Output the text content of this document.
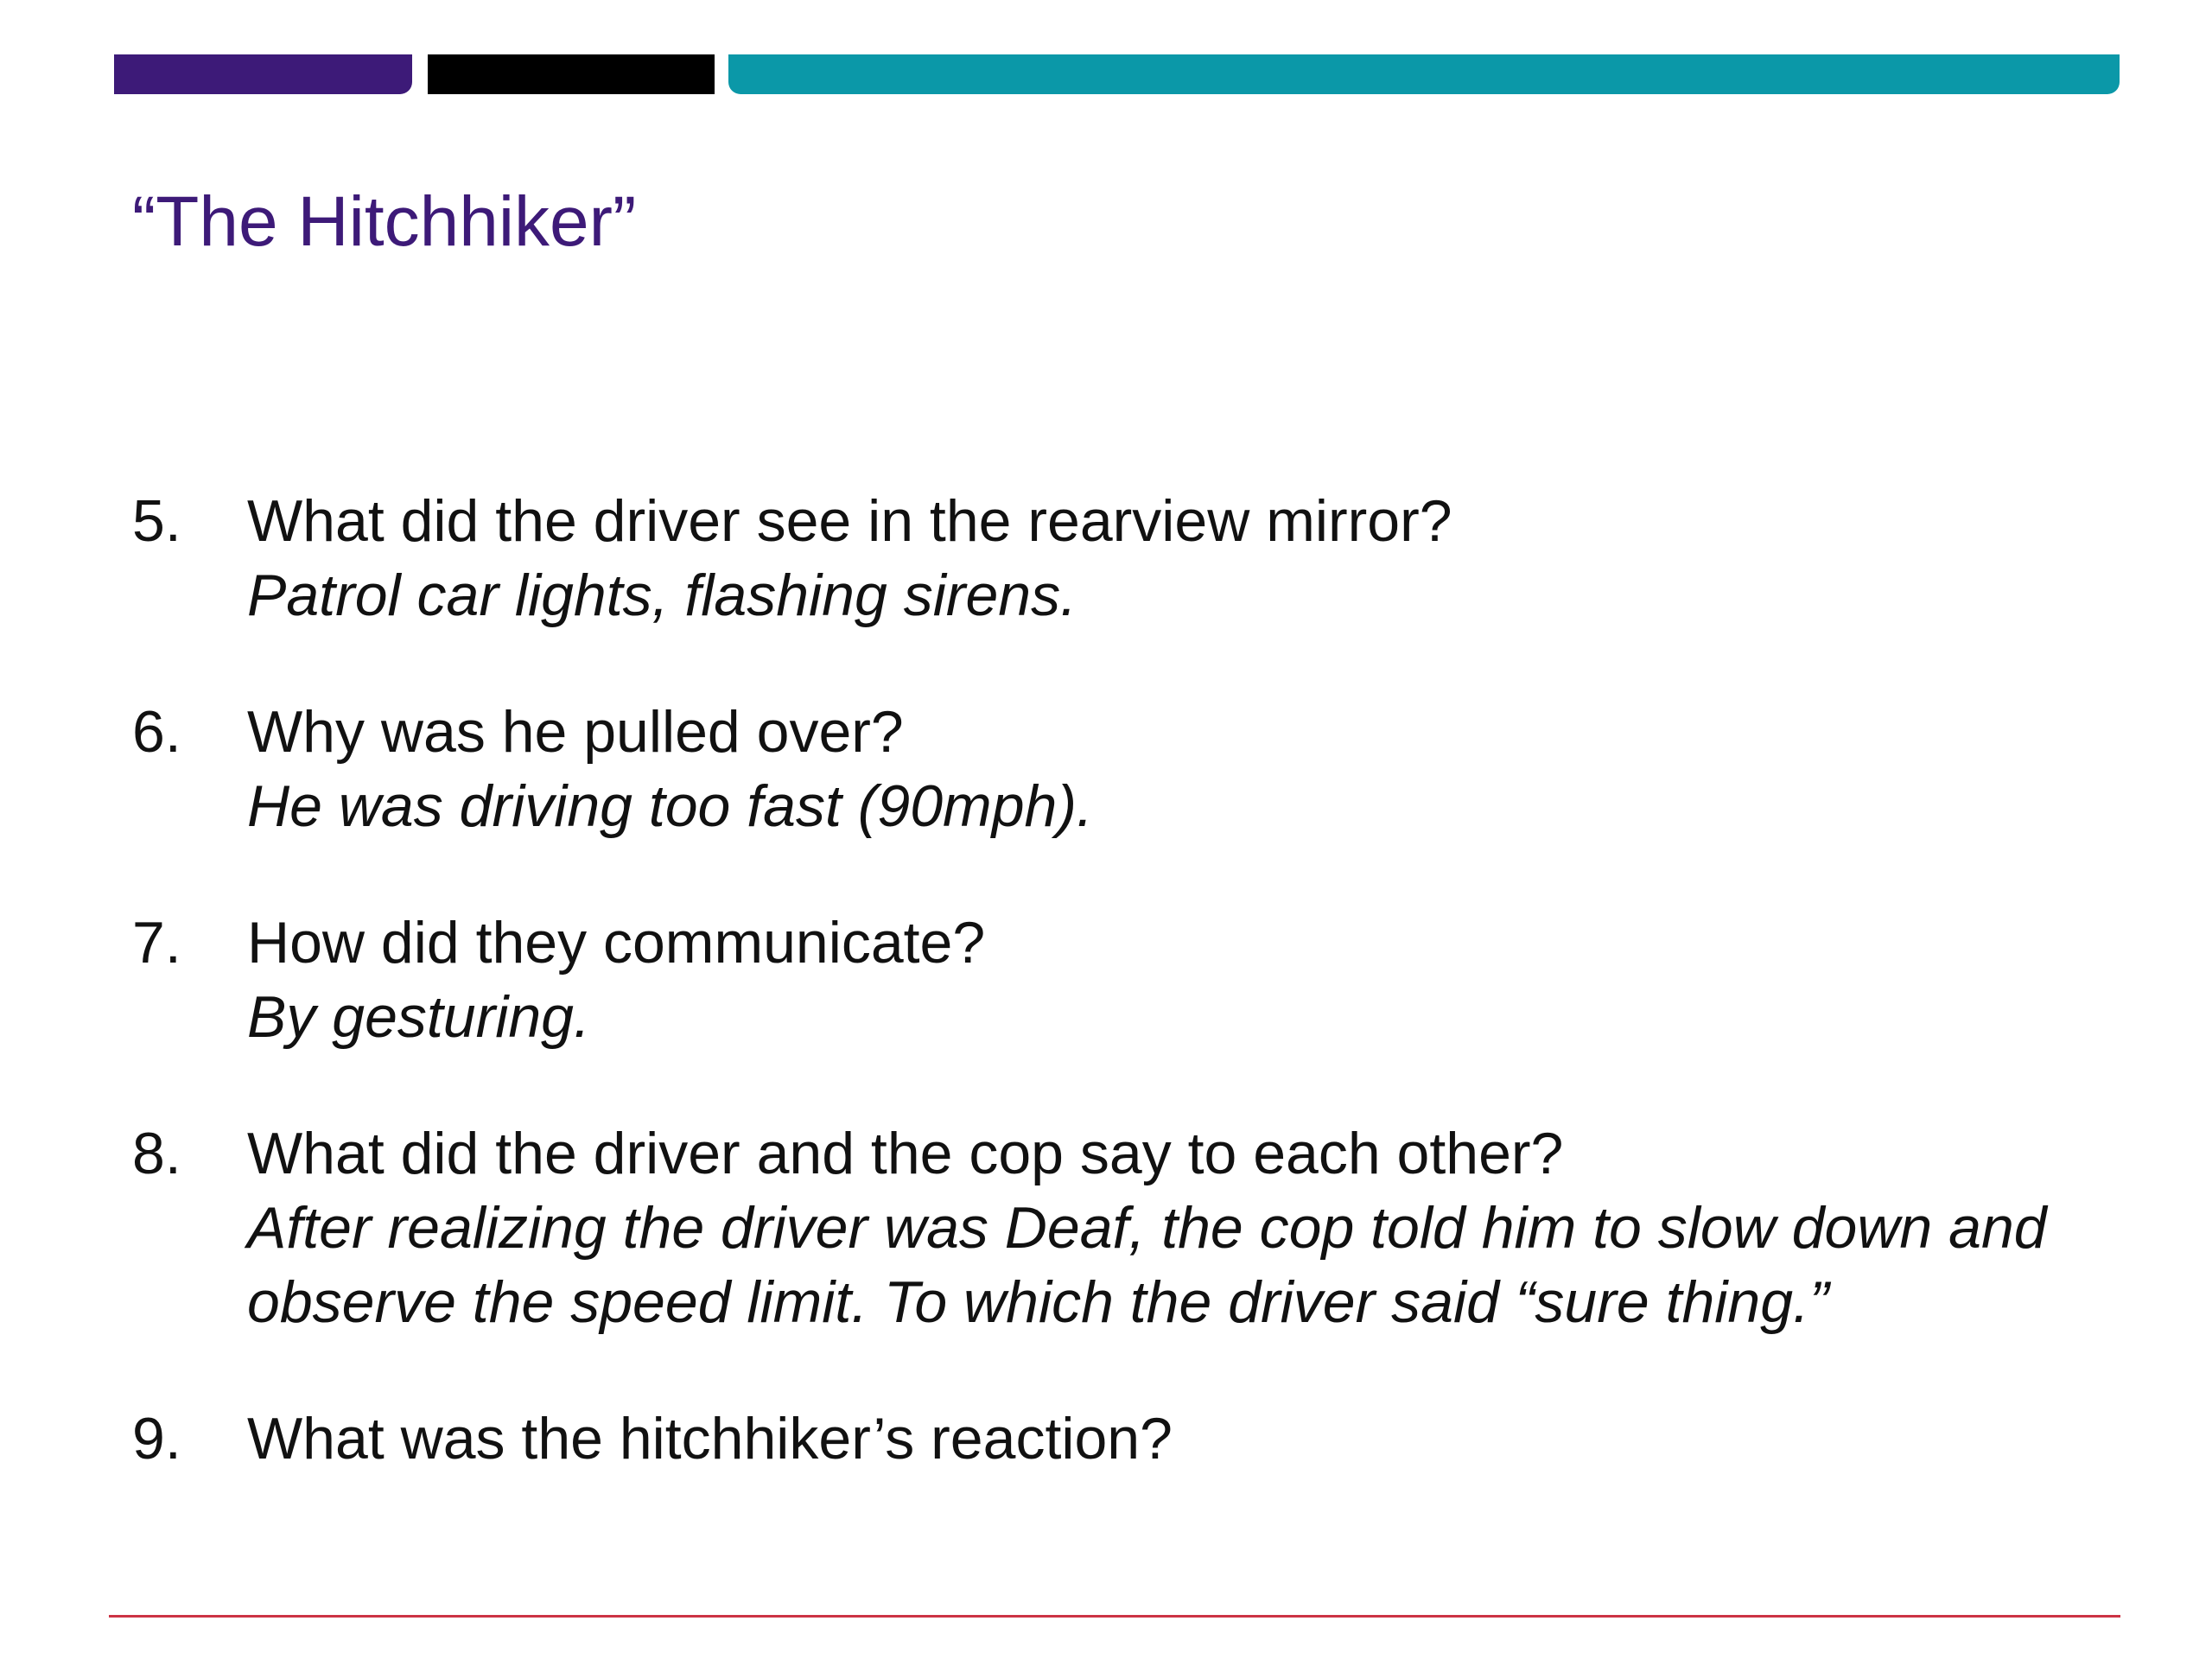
“The Hitchhiker”
5. What did the driver see in the rearview mirror?
Patrol car lights, flashing sirens.
6. Why was he pulled over?
He was driving too fast (90mph).
7. How did they communicate?
By gesturing.
8. What did the driver and the cop say to each other?
After realizing the driver was Deaf, the cop told him to slow down and observe the speed limit. To which the driver said “sure thing.”
9. What was the hitchhiker’s reaction?
